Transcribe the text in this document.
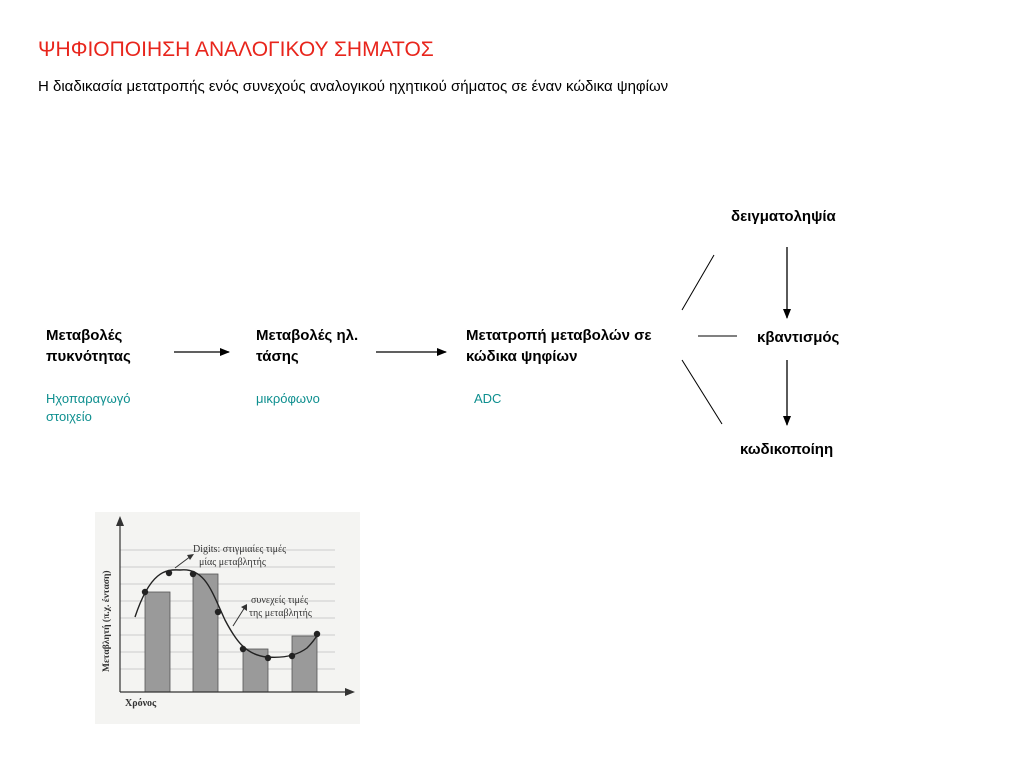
ΨΗΦΙΟΠΟΙΗΣΗ ΑΝΑΛΟΓΙΚΟΥ ΣΗΜΑΤΟΣ
Η διαδικασία μετατροπής ενός συνεχούς αναλογικού ηχητικού σήματος σε έναν κώδικα ψηφίων
Μεταβολές
πυκνότητας
Ηχοπαραγωγό
στοιχείο
Μεταβολές ηλ.
τάσης
μικρόφωνο
Μετατροπή μεταβολών σε
κώδικα ψηφίων
ADC
δειγματοληψία
κβαντισμός
κωδικοποίηη
Digits: στιγμιαίες τιμές
μίας μεταβλητής
συνεχείς τιμές
της μεταβλητής
Χρόνος
Μεταβλητή (π.χ. ένταση)
